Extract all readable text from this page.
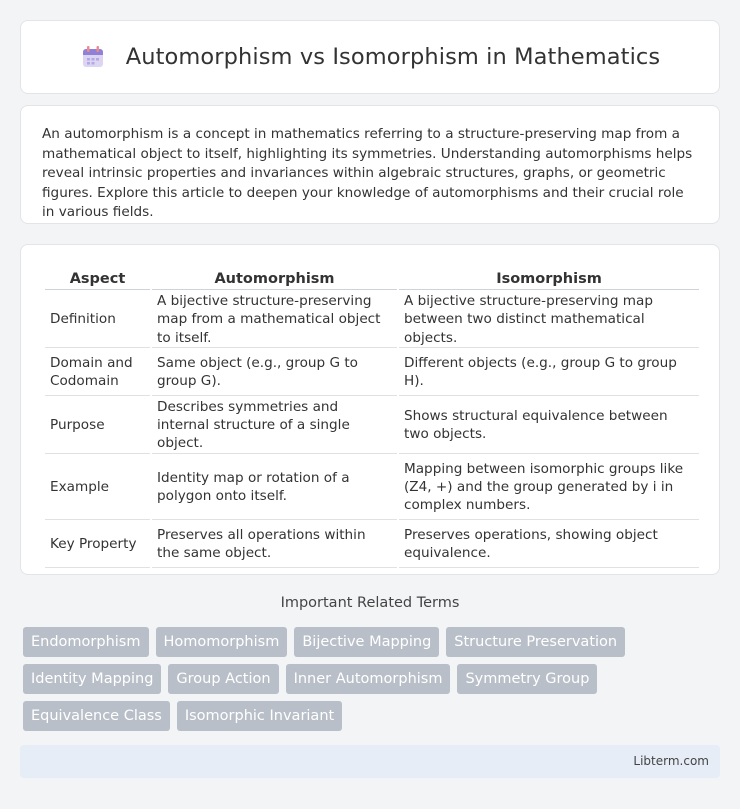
Automorphism vs Isomorphism in Mathematics

An automorphism is a concept in mathematics referring to a structure-preserving map from a mathematical object to itself, highlighting its symmetries. Understanding automorphisms helps reveal intrinsic properties and invariances within algebraic structures, graphs, or geometric figures. Explore this article to deepen your knowledge of automorphisms and their crucial role in various fields.

Aspect	Automorphism	Isomorphism
Definition	A bijective structure-preserving map from a mathematical object to itself.	A bijective structure-preserving map between two distinct mathematical objects.
Domain and Codomain	Same object (e.g., group G to group G).	Different objects (e.g., group G to group H).
Purpose	Describes symmetries and internal structure of a single object.	Shows structural equivalence between two objects.
Example	Identity map or rotation of a polygon onto itself.	Mapping between isomorphic groups like (Z4, +) and the group generated by i in complex numbers.
Key Property	Preserves all operations within the same object.	Preserves operations, showing object equivalence.
Important Related Terms
Endomorphism	Homomorphism	Bijective Mapping	Structure Preservation
Identity Mapping	Group Action	Inner Automorphism	Symmetry Group
Equivalence Class	Isomorphic Invariant
Libterm.com
